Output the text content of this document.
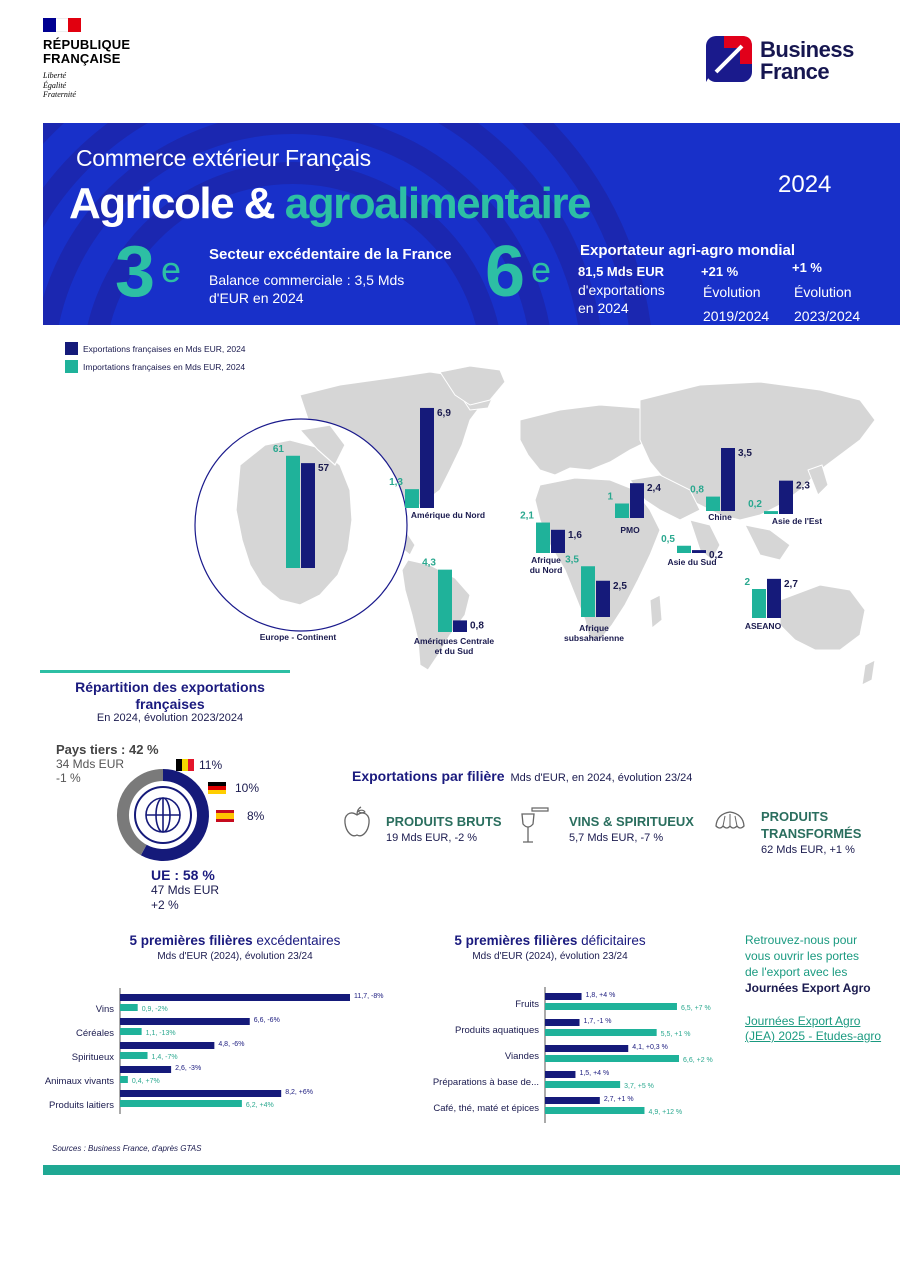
RÉPUBLIQUE
FRANÇAISE
Liberté
Égalité
Fraternité
Business
France
Commerce extérieur Français
Agricole & agroalimentaire	2024
3 $^e$ Secteur excédentaire de la France
Balance commerciale : 3,5 Mds
d'EUR en 2024	6 $^e$ Exportateur agri-agro mondial
81,5 Mds EUR
d'exportations
en 2024
+21 %
Évolution
2019/2024
+1 %
Évolution
2023/2024
Exportations françaises en Mds EUR, 2024
Importations françaises en Mds EUR, 2024
61
57
Europe - Continent
1,3
6,9
Amérique du Nord
4,3
0,8
Amériques Centrale
et du Sud
2,1
1,6
Afrique
du Nord
3,5
2,5
Afrique
subsaharienne
1
2,4
PMO
0,8
3,5
Chine
0,5
0,2
Asie du Sud
0,2
2,3
Asie de l'Est
2	2,7
ASEANO
Répartition des exportations françaises
En 2024, évolution 2023/2024
Pays tiers : 42 %
34 Mds EUR
-1 %
11%
10%
8%
UE : 58 %
47 Mds EUR
+2 %
Exportations par filière Mds d'EUR, en 2024, évolution 23/24
PRODUITS BRUTS
19 Mds EUR, -2 %
VINS & SPIRITUEUX
5,7 Mds EUR, -7 %
PRODUITS
TRANSFORMÉS
62 Mds EUR, +1 %
5 premières filières excédentaires
Mds d'EUR (2024), évolution 23/24
11,7, -8%
0,9, -2%
Vins
6,6, -6%
1,1, -13%
Céréales
4,8, -6%
1,4, -7%
Spiritueux
2,6, -3%
0,4, +7%
Animaux vivants
8,2, +6%
6,2, +4%
Produits laitiers
5 premières filières déficitaires
Mds d'EUR (2024), évolution 23/24
1,8, +4 %
6,5, +7 %
Fruits
1,7, -1 %
5,5, +1 %
Produits aquatiques
4,1, +0,3 %
6,6, +2 %
Viandes
1,5, +4 %
3,7, +5 %
Préparations à base de...
2,7, +1 %
4,9, +12 %
Café, thé, maté et épices
Retrouvez-nous pour
vous ouvrir les portes
de l'export avec les
Journées Export Agro
Journées Export Agro
(JEA) 2025 - Etudes-agro
Sources : Business France, d'après GTAS
